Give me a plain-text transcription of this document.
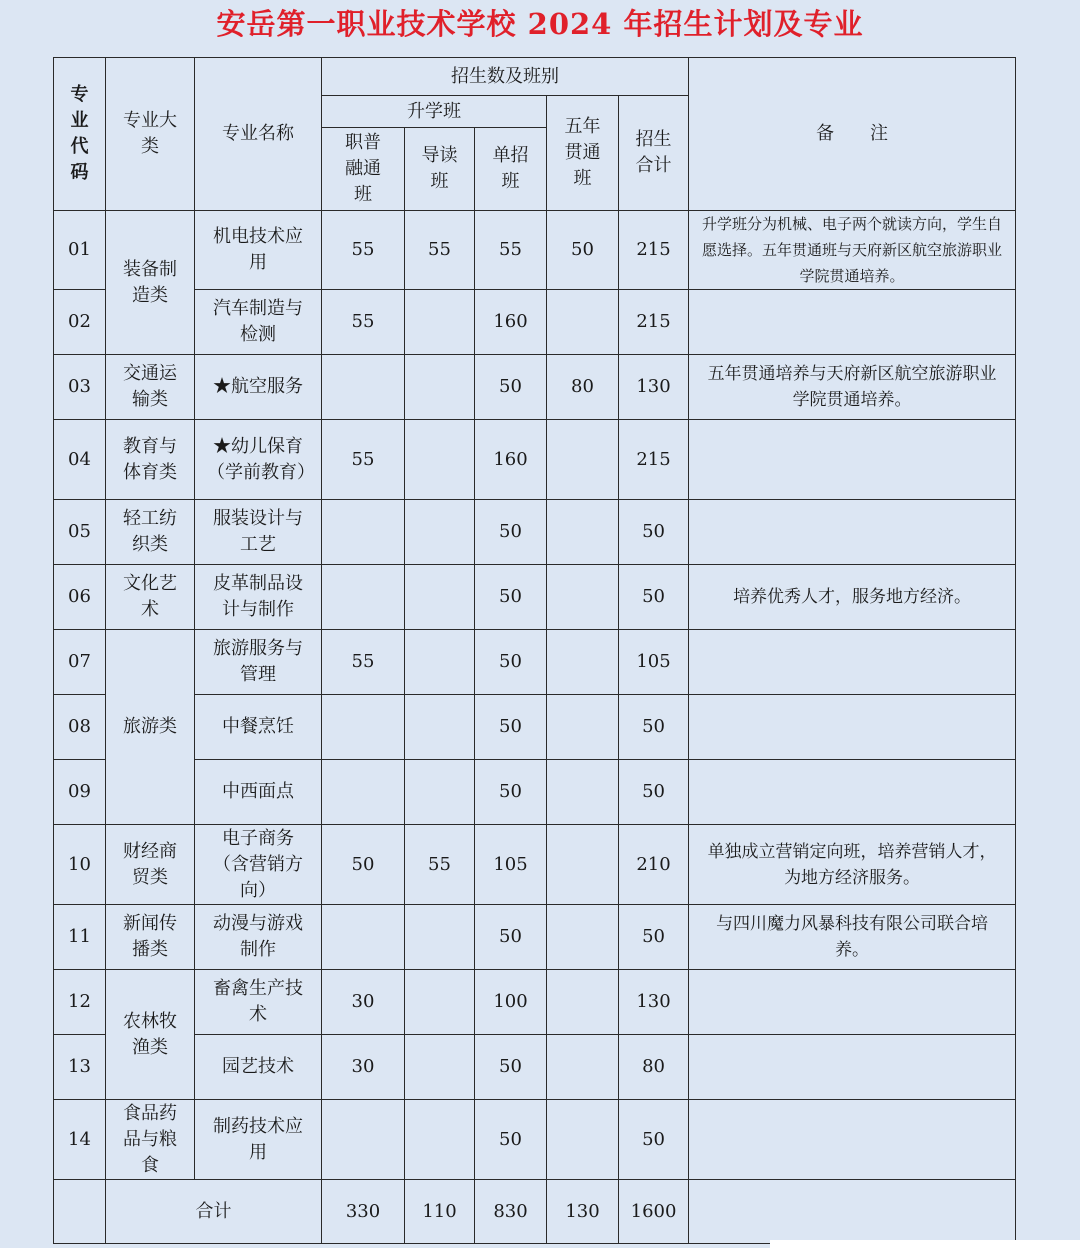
安岳第一职业技术学校 2024 年招生计划及专业
专业代码	专业大类	专业名称	招生数及班别					备　　注
			升学班			五年贯通班	招生合计	
			职普融通班	导读班	单招班			
01	装备制造类	机电技术应用	55	55	55	50	215	升学班分为机械、电子两个就读方向，学生自愿选择。五年贯通班与天府新区航空旅游职业学院贯通培养。
02		汽车制造与检测	55		160		215	
03	交通运输类	★航空服务			50	80	130	五年贯通培养与天府新区航空旅游职业学院贯通培养。
04	教育与体育类	★幼儿保育（学前教育）	55		160		215	
05	轻工纺织类	服装设计与工艺			50		50	
06	文化艺术	皮革制品设计与制作			50		50	培养优秀人才，服务地方经济。
07	旅游类	旅游服务与管理	55		50		105	
08		中餐烹饪			50		50	
09		中西面点			50		50	
10	财经商贸类	电子商务（含营销方向）	50	55	105		210	单独成立营销定向班，培养营销人才，为地方经济服务。
11	新闻传播类	动漫与游戏制作			50		50	与四川魔力风暴科技有限公司联合培养。
12	农林牧渔类	畜禽生产技术	30		100		130	
13		园艺技术	30		50		80	
14	食品药品与粮食	制药技术应用			50		50	
	合计		330	110	830	130	1600	
